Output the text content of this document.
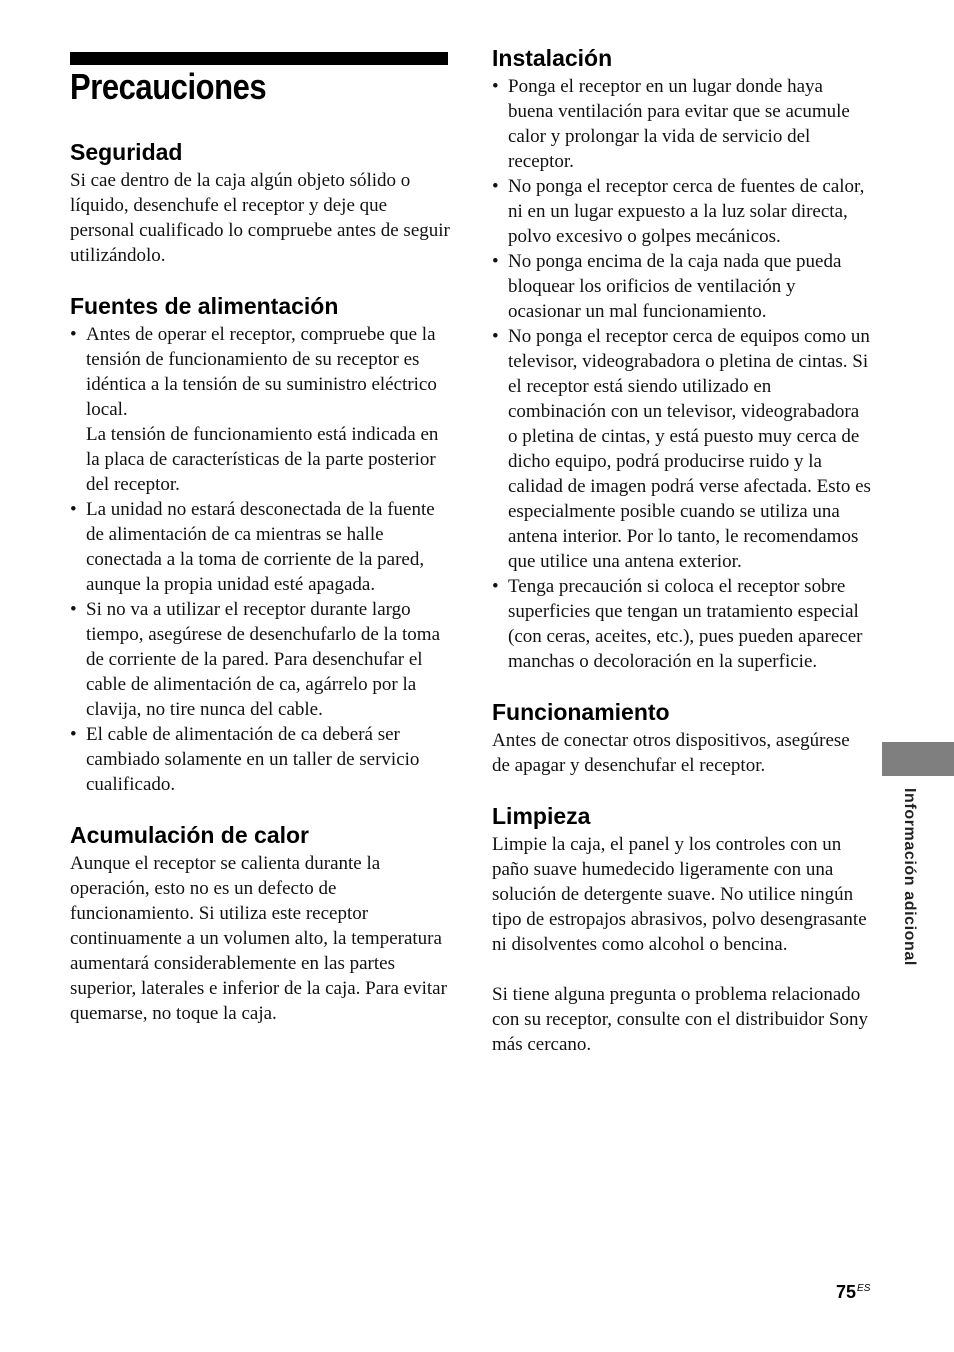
Precauciones
Seguridad

Si cae dentro de la caja algún objeto sólido o líquido, desenchufe el receptor y deje que personal cualificado lo compruebe antes de seguir utilizándolo.

Fuentes de alimentación

• Antes de operar el receptor, compruebe que la tensión de funcionamiento de su receptor es idéntica a la tensión de su suministro eléctrico local.

La tensión de funcionamiento está indicada en la placa de características de la parte posterior del receptor.

• La unidad no estará desconectada de la fuente de alimentación de ca mientras se halle conectada a la toma de corriente de la pared, aunque la propia unidad esté apagada.

• Si no va a utilizar el receptor durante largo tiempo, asegúrese de desenchufarlo de la toma de corriente de la pared. Para desenchufar el cable de alimentación de ca, agárrelo por la clavija, no tire nunca del cable.

• El cable de alimentación de ca deberá ser cambiado solamente en un taller de servicio cualificado.

Acumulación de calor

Aunque el receptor se calienta durante la operación, esto no es un defecto de funcionamiento. Si utiliza este receptor continuamente a un volumen alto, la temperatura aumentará considerablemente en las partes superior, laterales e inferior de la caja. Para evitar quemarse, no toque la caja.

Instalación

• Ponga el receptor en un lugar donde haya buena ventilación para evitar que se acumule calor y prolongar la vida de servicio del receptor.

• No ponga el receptor cerca de fuentes de calor, ni en un lugar expuesto a la luz solar directa, polvo excesivo o golpes mecánicos.

• No ponga encima de la caja nada que pueda bloquear los orificios de ventilación y ocasionar un mal funcionamiento.

• No ponga el receptor cerca de equipos como un televisor, videograbadora o pletina de cintas. Si el receptor está siendo utilizado en combinación con un televisor, videograbadora o pletina de cintas, y está puesto muy cerca de dicho equipo, podrá producirse ruido y la calidad de imagen podrá verse afectada. Esto es especialmente posible cuando se utiliza una antena interior. Por lo tanto, le recomendamos que utilice una antena exterior.

• Tenga precaución si coloca el receptor sobre superficies que tengan un tratamiento especial (con ceras, aceites, etc.), pues pueden aparecer manchas o decoloración en la superficie.

Funcionamiento

Antes de conectar otros dispositivos, asegúrese de apagar y desenchufar el receptor.

Limpieza

Limpie la caja, el panel y los controles con un paño suave humedecido ligeramente con una solución de detergente suave. No utilice ningún tipo de estropajos abrasivos, polvo desengrasante ni disolventes como alcohol o bencina.

Si tiene alguna pregunta o problema relacionado con su receptor, consulte con el distribuidor Sony más cercano.

Información adicional
$75^{ES}$
